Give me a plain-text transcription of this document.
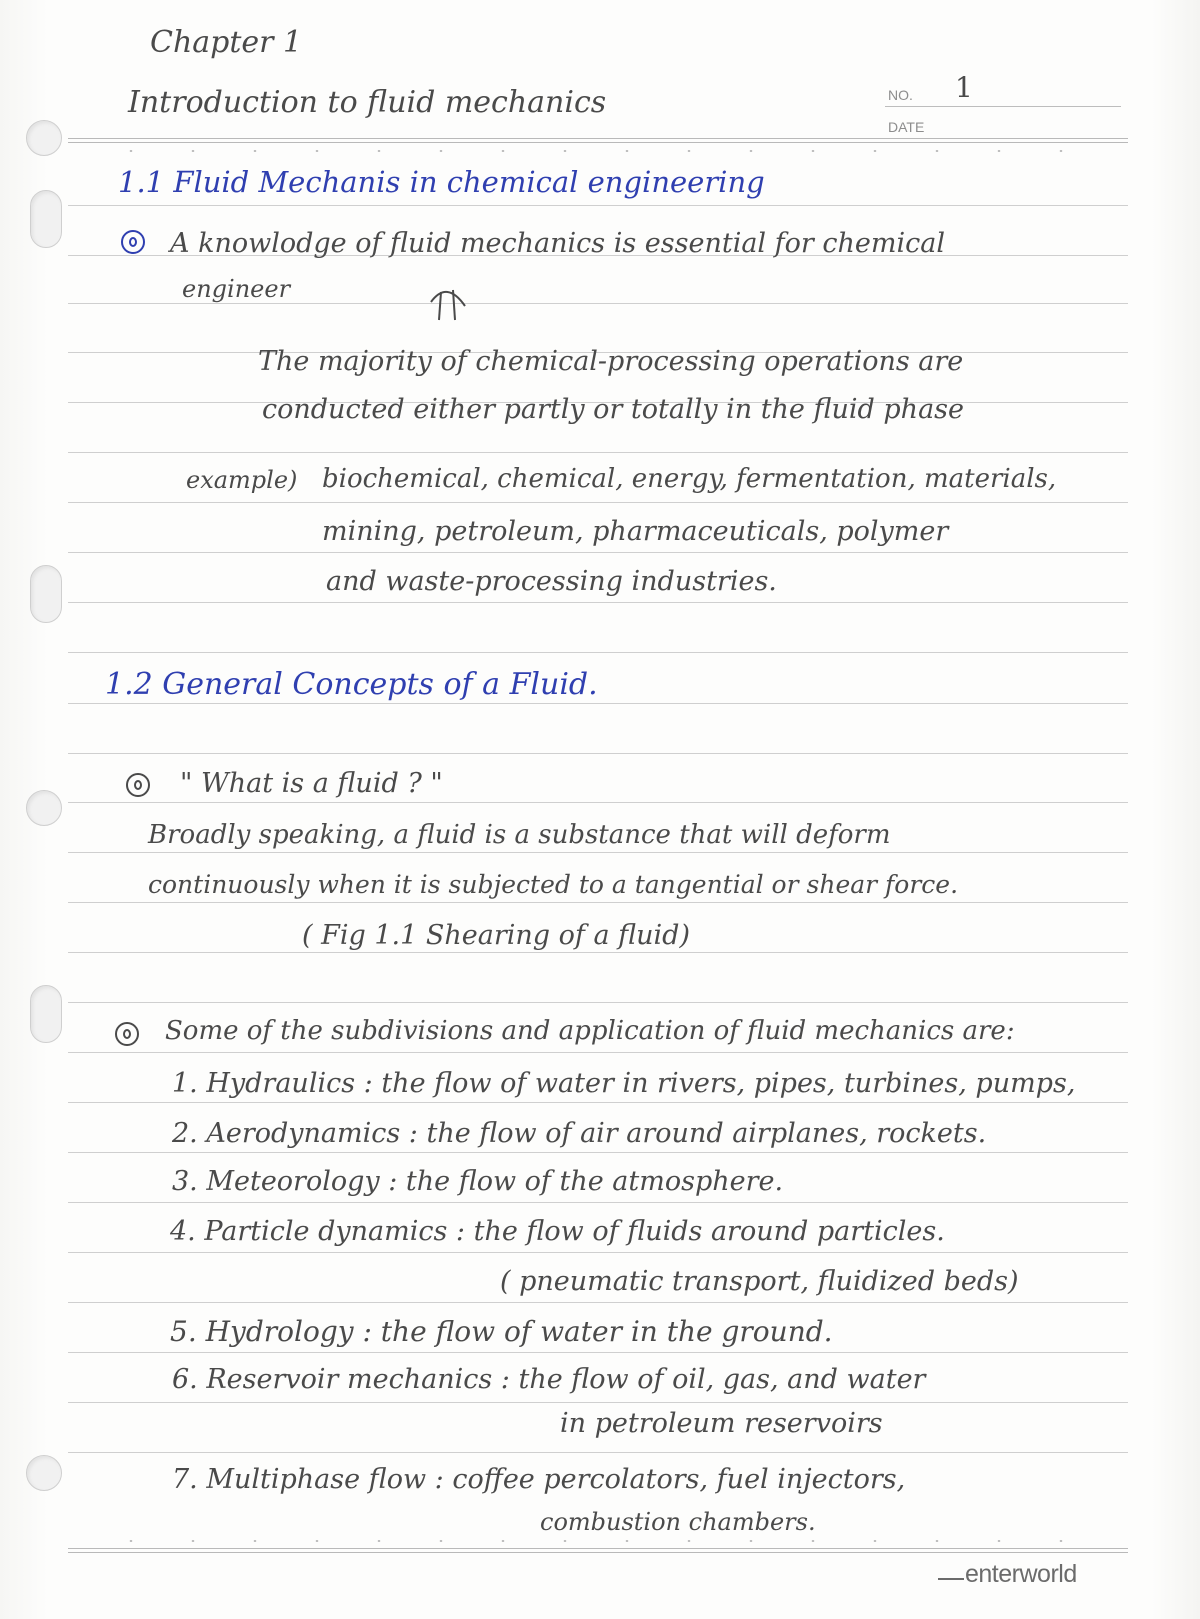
Chapter 1
Introduction to fluid mechanics	NO. 1
DATE
1.1 Fluid Mechanis in chemical engineering
A knowlodge of fluid mechanics is essential for chemical
engineer
The majority of chemical-processing operations are
conducted either partly or totally in the fluid phase
example) biochemical, chemical, energy, fermentation, materials,
mining, petroleum, pharmaceuticals, polymer
and waste-processing industries.
1.2 General Concepts of a Fluid.
" What is a fluid ? "
Broadly speaking, a fluid is a substance that will deform
continuously when it is subjected to a tangential or shear force.
( Fig 1.1 Shearing of a fluid)
Some of the subdivisions and application of fluid mechanics are:
1. Hydraulics : the flow of water in rivers, pipes, turbines, pumps,
2. Aerodynamics : the flow of air around airplanes, rockets.
3. Meteorology : the flow of the atmosphere.
4. Particle dynamics : the flow of fluids around particles.
( pneumatic transport, fluidized beds)
5. Hydrology : the flow of water in the ground.
6. Reservoir mechanics : the flow of oil, gas, and water
in petroleum reservoirs
7. Multiphase flow : coffee percolators, fuel injectors,
combustion chambers.
enterworld
